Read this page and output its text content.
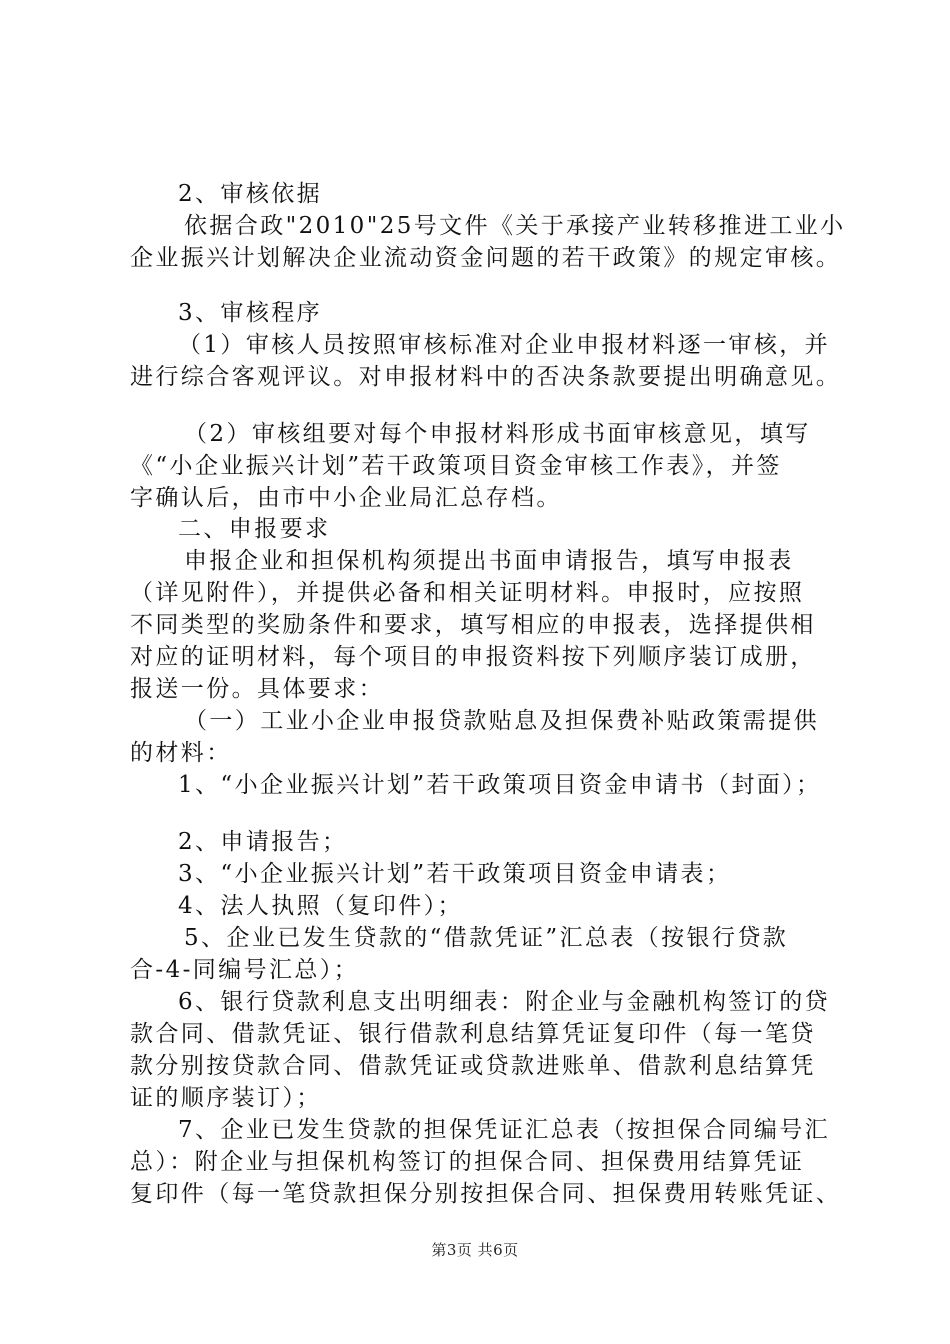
2、审核依据

依据合政"2010"25号文件《关于承接产业转移推进工业小

企业振兴计划解决企业流动资金问题的若干政策》的规定审核。

3、审核程序

（1）审核人员按照审核标准对企业申报材料逐一审核，并

进行综合客观评议。对申报材料中的否决条款要提出明确意见。

（2）审核组要对每个申报材料形成书面审核意见，填写

《“小企业振兴计划”若干政策项目资金审核工作表》，并签

字确认后，由市中小企业局汇总存档。

二、申报要求

申报企业和担保机构须提出书面申请报告，填写申报表

（详见附件），并提供必备和相关证明材料。申报时，应按照

不同类型的奖励条件和要求，填写相应的申报表，选择提供相

对应的证明材料，每个项目的申报资料按下列顺序装订成册，

报送一份。具体要求：

（一）工业小企业申报贷款贴息及担保费补贴政策需提供

的材料：

1、“小企业振兴计划”若干政策项目资金申请书（封面）；

2、申请报告；

3、“小企业振兴计划”若干政策项目资金申请表；

4、法人执照（复印件）；

5、企业已发生贷款的“借款凭证”汇总表（按银行贷款

合-4-同编号汇总）；

6、银行贷款利息支出明细表：附企业与金融机构签订的贷

款合同、借款凭证、银行借款利息结算凭证复印件（每一笔贷

款分别按贷款合同、借款凭证或贷款进账单、借款利息结算凭

证的顺序装订）；

7、企业已发生贷款的担保凭证汇总表（按担保合同编号汇

总）：附企业与担保机构签订的担保合同、担保费用结算凭证

复印件（每一笔贷款担保分别按担保合同、担保费用转账凭证、

第3页 共6页
